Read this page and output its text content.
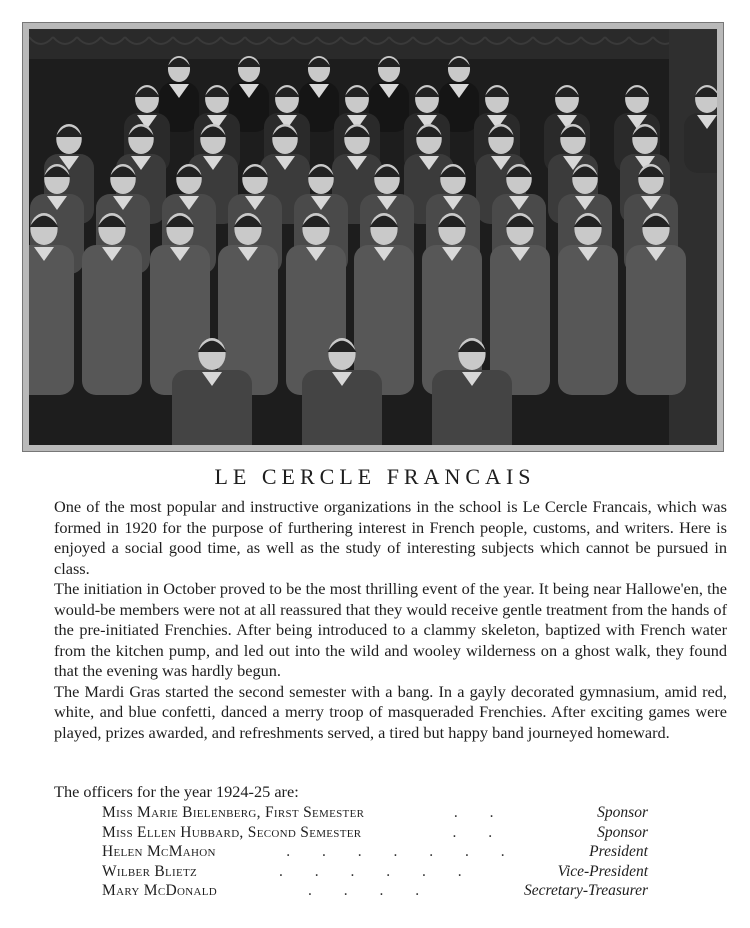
LE CERCLE FRANCAIS

One of the most popular and instructive organizations in the school is Le Cercle Francais, which was formed in 1920 for the purpose of furthering interest in French people, customs, and writers. Here is enjoyed a social good time, as well as the study of interesting subjects which cannot be pursued in class.

The initiation in October proved to be the most thrilling event of the year. It being near Hallowe'en, the would-be members were not at all reassured that they would receive gentle treatment from the hands of the pre-initiated Frenchies. After being introduced to a clammy skeleton, baptized with French water from the kitchen pump, and led out into the wild and wooley wilderness on a ghost walk, they found that the evening was hardly begun.

The Mardi Gras started the second semester with a bang. In a gayly decorated gymnasium, amid red, white, and blue confetti, danced a merry troop of masqueraded Frenchies. After exciting games were played, prizes awarded, and refreshments served, a tired but happy band journeyed homeward.

The officers for the year 1924-25 are:
Miss Marie Bielenberg, First Semester	. .	Sponsor
Miss Ellen Hubbard, Second Semester	. .	Sponsor
Helen McMahon	. . . . . . .	President
Wilber Blietz	. . . . . .	Vice-President
Mary McDonald	. . . .	Secretary-Treasurer
